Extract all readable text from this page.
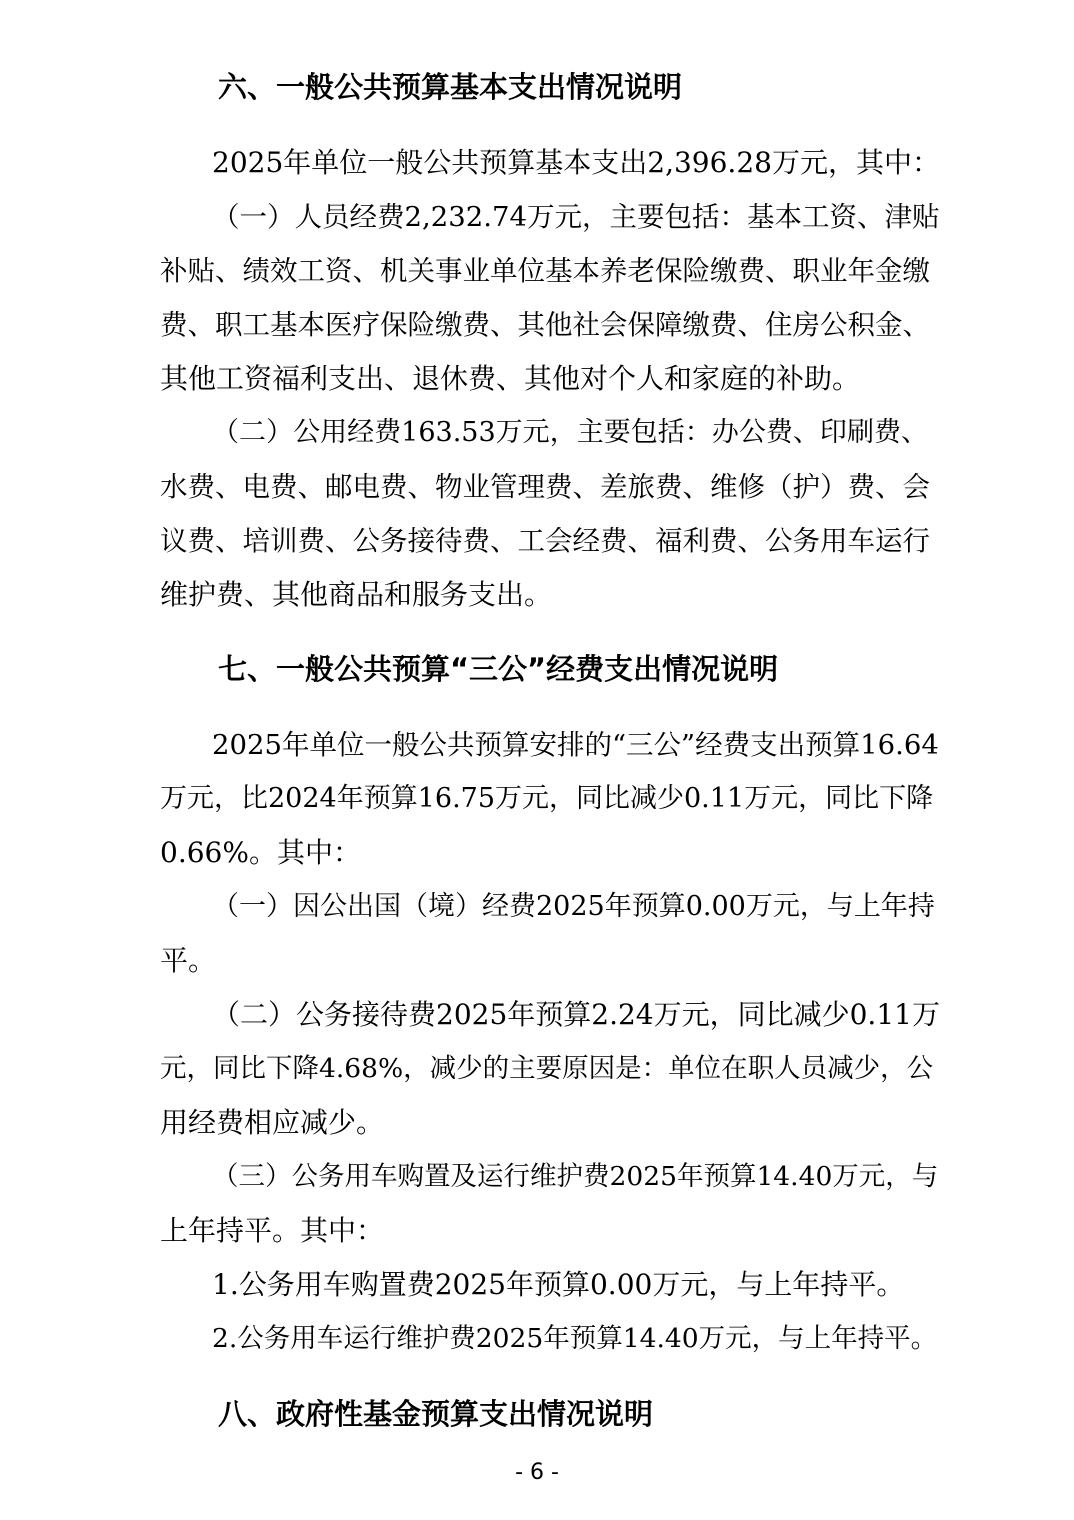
六、一般公共预算基本支出情况说明
2025年单位一般公共预算基本支出2,396.28万元，其中：
（一）人员经费2,232.74万元，主要包括：基本工资、津贴
补贴、绩效工资、机关事业单位基本养老保险缴费、职业年金缴
费、职工基本医疗保险缴费、其他社会保障缴费、住房公积金、
其他工资福利支出、退休费、其他对个人和家庭的补助。
（二）公用经费163.53万元，主要包括：办公费、印刷费、
水费、电费、邮电费、物业管理费、差旅费、维修（护）费、会
议费、培训费、公务接待费、工会经费、福利费、公务用车运行
维护费、其他商品和服务支出。
七、一般公共预算“三公”经费支出情况说明
2025年单位一般公共预算安排的“三公”经费支出预算16.64
万元，比2024年预算16.75万元，同比减少0.11万元，同比下降
0.66%。其中：
（一）因公出国（境）经费2025年预算0.00万元，与上年持
平。
（二）公务接待费2025年预算2.24万元，同比减少0.11万
元，同比下降4.68%，减少的主要原因是：单位在职人员减少，公
用经费相应减少。
（三）公务用车购置及运行维护费2025年预算14.40万元，与
上年持平。其中：
1.公务用车购置费2025年预算0.00万元，与上年持平。
2.公务用车运行维护费2025年预算14.40万元，与上年持平。
八、政府性基金预算支出情况说明
- 6 -
